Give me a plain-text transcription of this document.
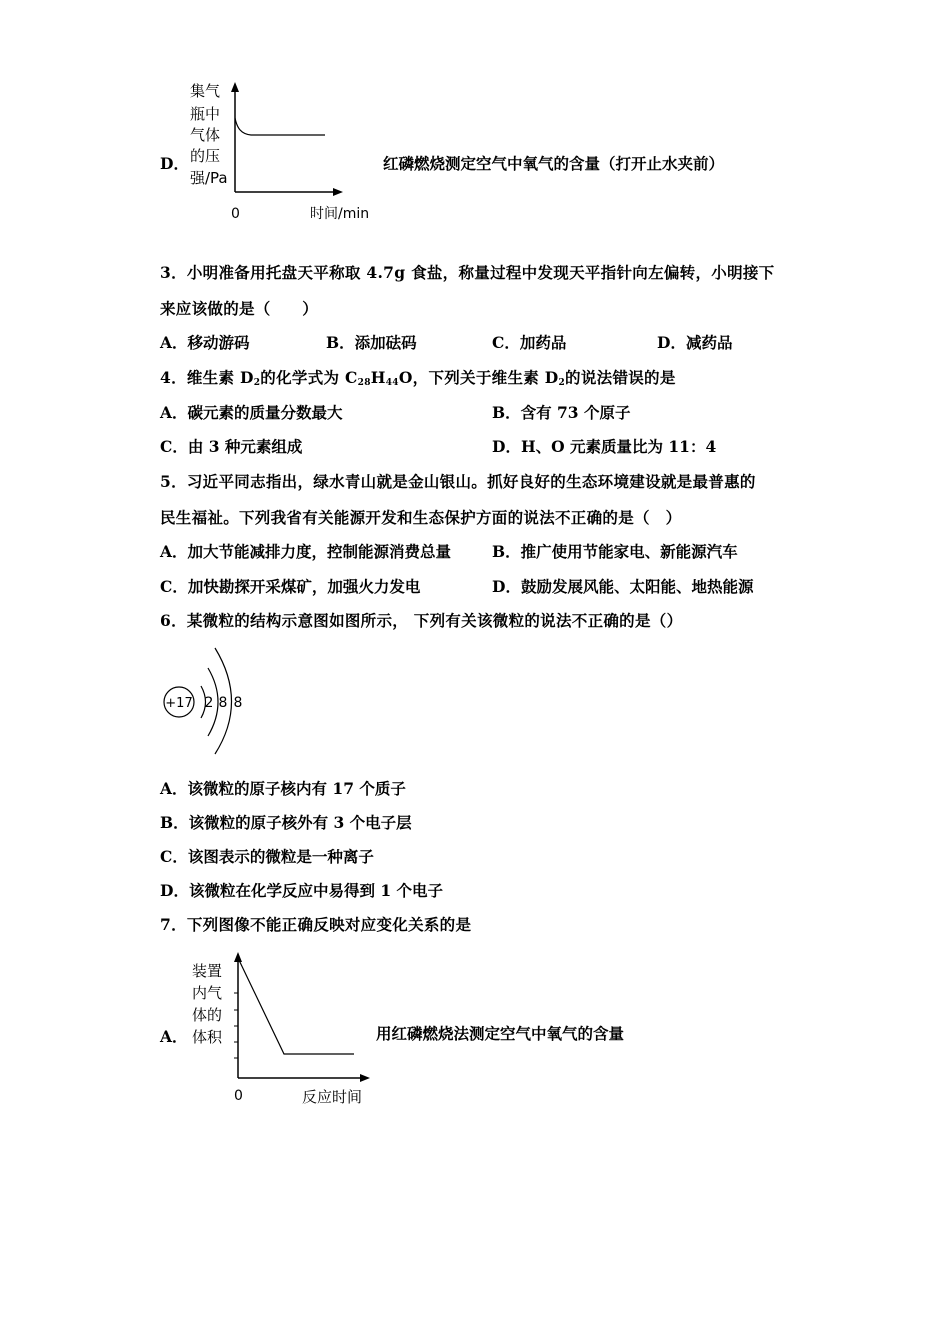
D．
集气
瓶中
气体
的压
强/Pa
0	时间/min
红磷燃烧测定空气中氧气的含量（打开止水夹前）
3．小明准备用托盘天平称取 4.7g 食盐，称量过程中发现天平指针向左偏转，小明接下
来应该做的是（　　）
A．移动游码	B．添加砝码	C．加药品	D．减药品
4．维生素 $D_2$的化学式为 $C_{28}H_{44}O$，下列关于维生素 $D_2$的说法错误的是
A．碳元素的质量分数最大	B．含有 73 个原子
C．由 3 种元素组成	D．H、O 元素质量比为 11：4
5．习近平同志指出，绿水青山就是金山银山。抓好良好的生态环境建设就是最普惠的
民生福祉。下列我省有关能源开发和生态保护方面的说法不正确的是（　）
A．加大节能减排力度，控制能源消费总量	B．推广使用节能家电、新能源汽车
C．加快勘探开采煤矿，加强火力发电	D．鼓励发展风能、太阳能、地热能源
6．某微粒的结构示意图如图所示， 下列有关该微粒的说法不正确的是（）
+17 2 8 8
A．该微粒的原子核内有 17 个质子
B．该微粒的原子核外有 3 个电子层
C．该图表示的微粒是一种离子
D．该微粒在化学反应中易得到 1 个电子
7．下列图像不能正确反映对应变化关系的是
A．
装置
内气
体的
体积
0	反应时间
用红磷燃烧法测定空气中氧气的含量
